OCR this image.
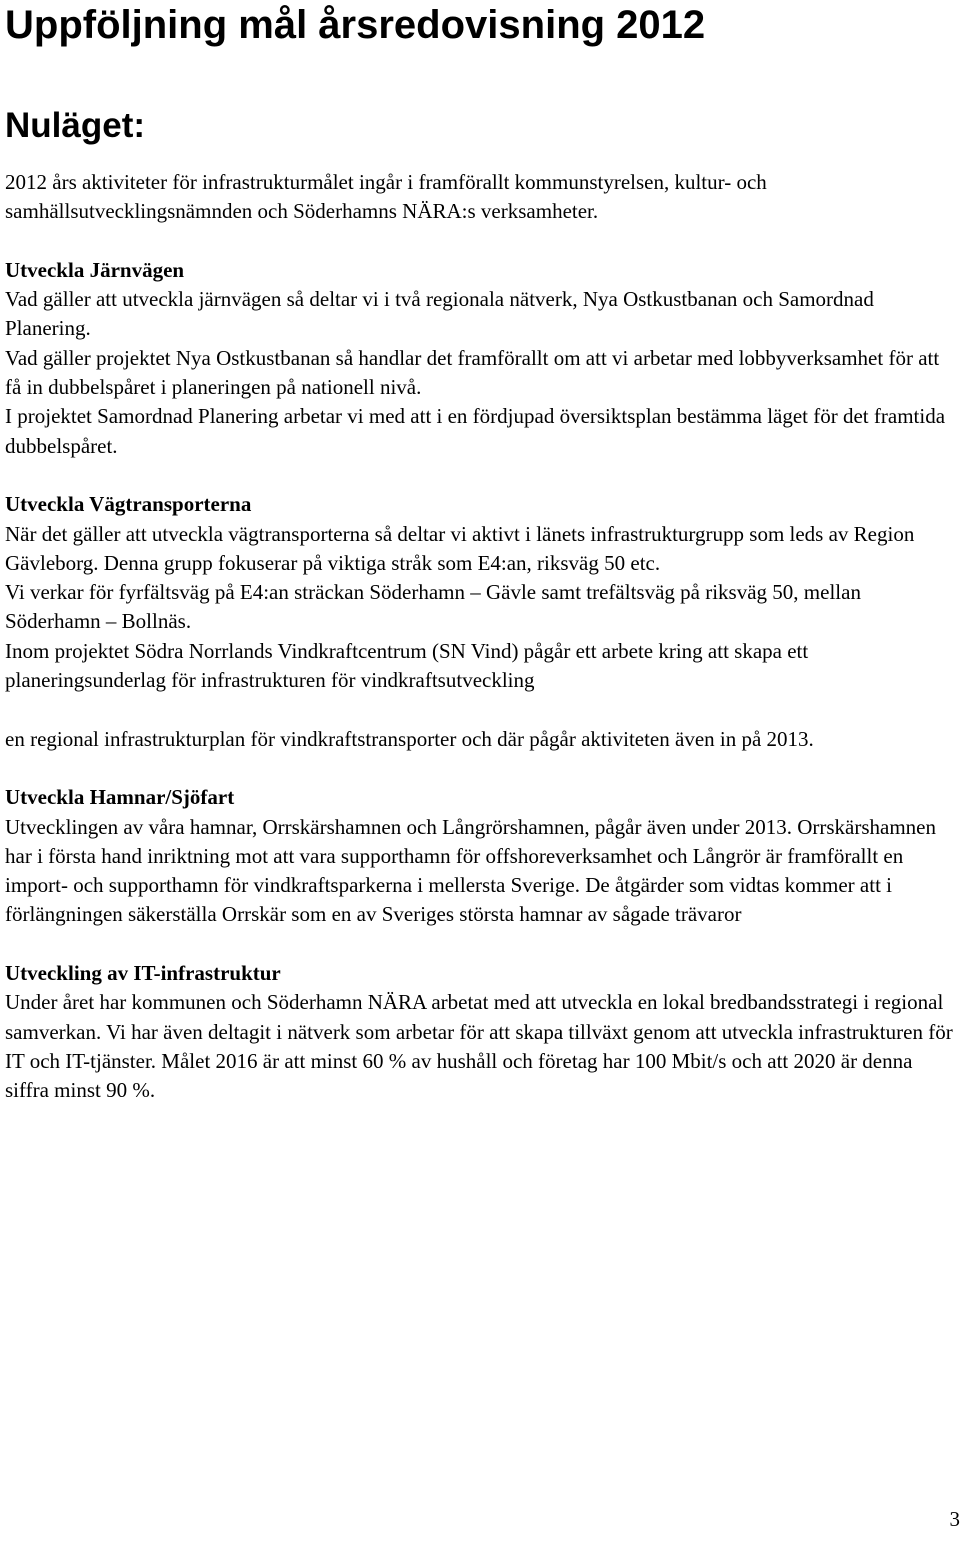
Uppföljning mål årsredovisning 2012
Nuläget:

2012 års aktiviteter för infrastrukturmålet ingår i framförallt kommunstyrelsen, kultur- och samhällsutvecklingsnämnden och Söderhamns NÄRA:s verksamheter.

Utveckla Järnvägen

Vad gäller att utveckla järnvägen så deltar vi i två regionala nätverk, Nya Ostkustbanan och Samordnad Planering.

Vad gäller projektet Nya Ostkustbanan så handlar det framförallt om att vi arbetar med lobbyverksamhet för att få in dubbelspåret i planeringen på nationell nivå.

I projektet Samordnad Planering arbetar vi med att i en fördjupad översiktsplan bestämma läget för det framtida dubbelspåret.

Utveckla Vägtransporterna

När det gäller att utveckla vägtransporterna så deltar vi aktivt i länets infrastrukturgrupp som leds av Region Gävleborg. Denna grupp fokuserar på viktiga stråk som E4:an, riksväg 50 etc.

Vi verkar för fyrfältsväg på E4:an sträckan Söderhamn – Gävle samt trefältsväg på riksväg 50, mellan Söderhamn – Bollnäs.

Inom projektet Södra Norrlands Vindkraftcentrum (SN Vind) pågår ett arbete kring att skapa ett planeringsunderlag för infrastrukturen för vindkraftsutveckling

en regional infrastrukturplan för vindkraftstransporter och där pågår aktiviteten även in på 2013.

Utveckla Hamnar/Sjöfart

Utvecklingen av våra hamnar, Orrskärshamnen och Långrörshamnen, pågår även under 2013. Orrskärshamnen har i första hand inriktning mot att vara supporthamn för offshoreverksamhet och Långrör är framförallt en import- och supporthamn för vindkraftsparkerna i mellersta Sverige. De åtgärder som vidtas kommer att i förlängningen säkerställa Orrskär som en av Sveriges största hamnar av sågade trävaror

Utveckling av IT-infrastruktur

Under året har kommunen och Söderhamn NÄRA arbetat med att utveckla en lokal bredbandsstrategi i regional samverkan. Vi har även deltagit i nätverk som arbetar för att skapa tillväxt genom att utveckla infrastrukturen för IT och IT-tjänster. Målet 2016 är att minst 60 % av hushåll och företag har 100 Mbit/s och att 2020 är denna siffra minst 90 %.

3
